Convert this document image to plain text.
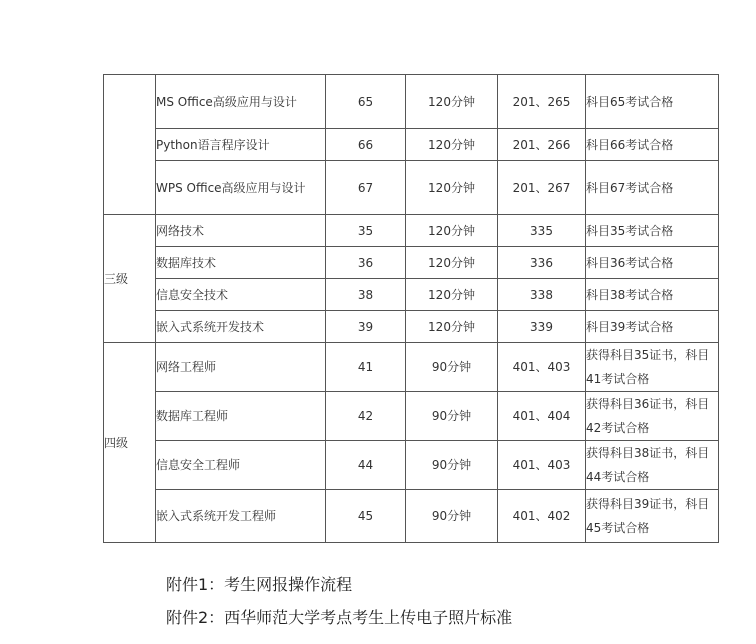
	MS Office高级应用与设计	65	120分钟	201、265	科目65考试合格
	Python语言程序设计	66	120分钟	201、266	科目66考试合格
	WPS Office高级应用与设计	67	120分钟	201、267	科目67考试合格
三级	网络技术	35	120分钟	335	科目35考试合格
	数据库技术	36	120分钟	336	科目36考试合格
	信息安全技术	38	120分钟	338	科目38考试合格
	嵌入式系统开发技术	39	120分钟	339	科目39考试合格
四级	网络工程师	41	90分钟	401、403	获得科目35证书，科目41考试合格
	数据库工程师	42	90分钟	401、404	获得科目36证书，科目42考试合格
	信息安全工程师	44	90分钟	401、403	获得科目38证书，科目44考试合格
	嵌入式系统开发工程师	45	90分钟	401、402	获得科目39证书，科目45考试合格
附件1：考生网报操作流程
附件2：西华师范大学考点考生上传电子照片标准
